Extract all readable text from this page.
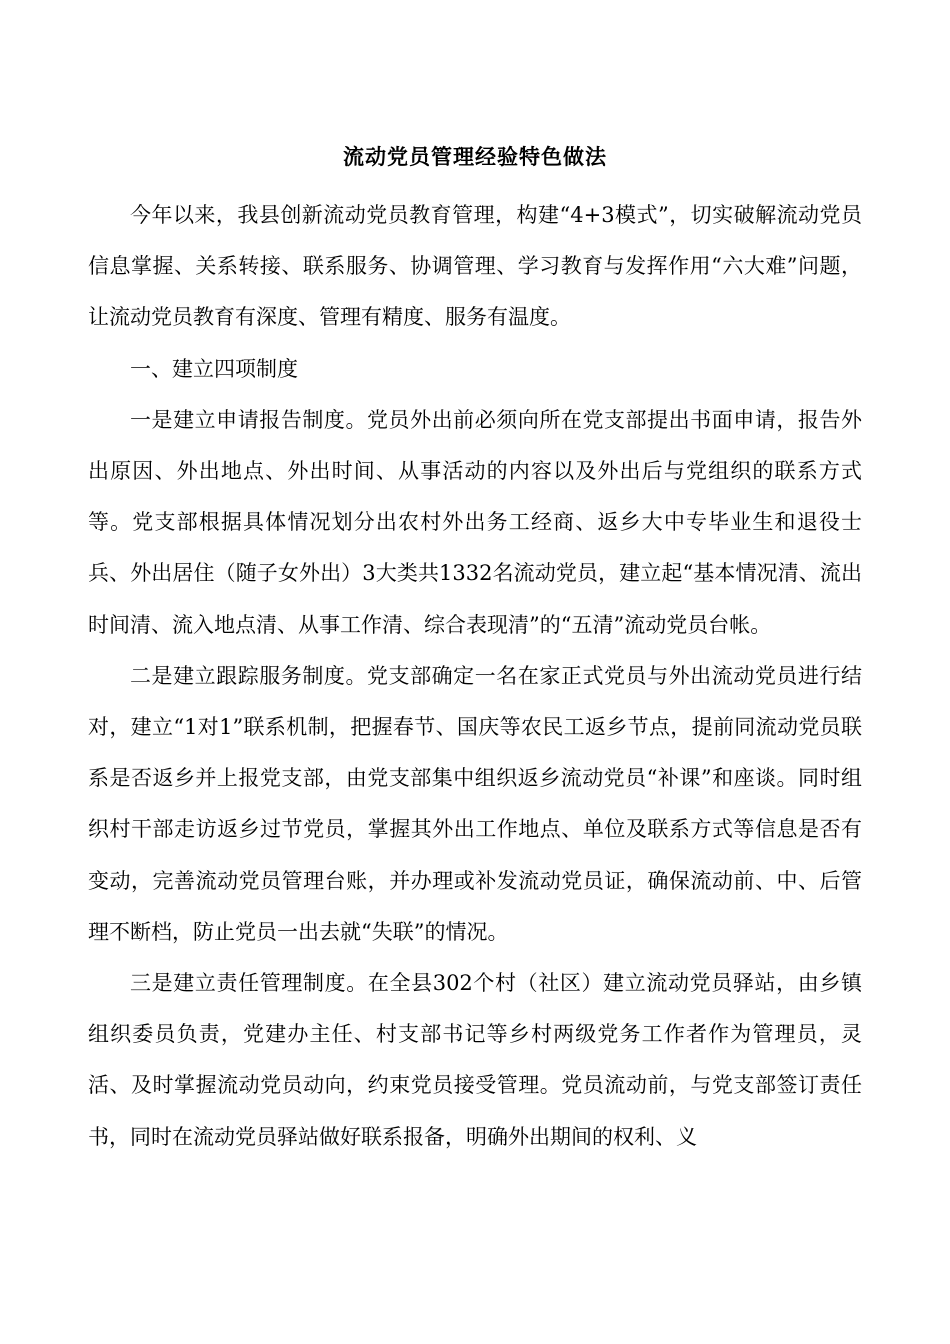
流动党员管理经验特色做法

今年以来，我县创新流动党员教育管理，构建“4+3模式”，切实破解流动党员信息掌握、关系转接、联系服务、协调管理、学习教育与发挥作用“六大难”问题，让流动党员教育有深度、管理有精度、服务有温度。

一、建立四项制度

一是建立申请报告制度。党员外出前必须向所在党支部提出书面申请，报告外出原因、外出地点、外出时间、从事活动的内容以及外出后与党组织的联系方式等。党支部根据具体情况划分出农村外出务工经商、返乡大中专毕业生和退役士兵、外出居住（随子女外出）3大类共1332名流动党员，建立起“基本情况清、流出时间清、流入地点清、从事工作清、综合表现清”的“五清”流动党员台帐。

二是建立跟踪服务制度。党支部确定一名在家正式党员与外出流动党员进行结对，建立“1对1”联系机制，把握春节、国庆等农民工返乡节点，提前同流动党员联系是否返乡并上报党支部，由党支部集中组织返乡流动党员“补课”和座谈。同时组织村干部走访返乡过节党员，掌握其外出工作地点、单位及联系方式等信息是否有变动，完善流动党员管理台账，并办理或补发流动党员证，确保流动前、中、后管理不断档，防止党员一出去就“失联”的情况。

三是建立责任管理制度。在全县302个村（社区）建立流动党员驿站，由乡镇组织委员负责，党建办主任、村支部书记等乡村两级党务工作者作为管理员，灵活、及时掌握流动党员动向，约束党员接受管理。党员流动前，与党支部签订责任书，同时在流动党员驿站做好联系报备，明确外出期间的权利、义
